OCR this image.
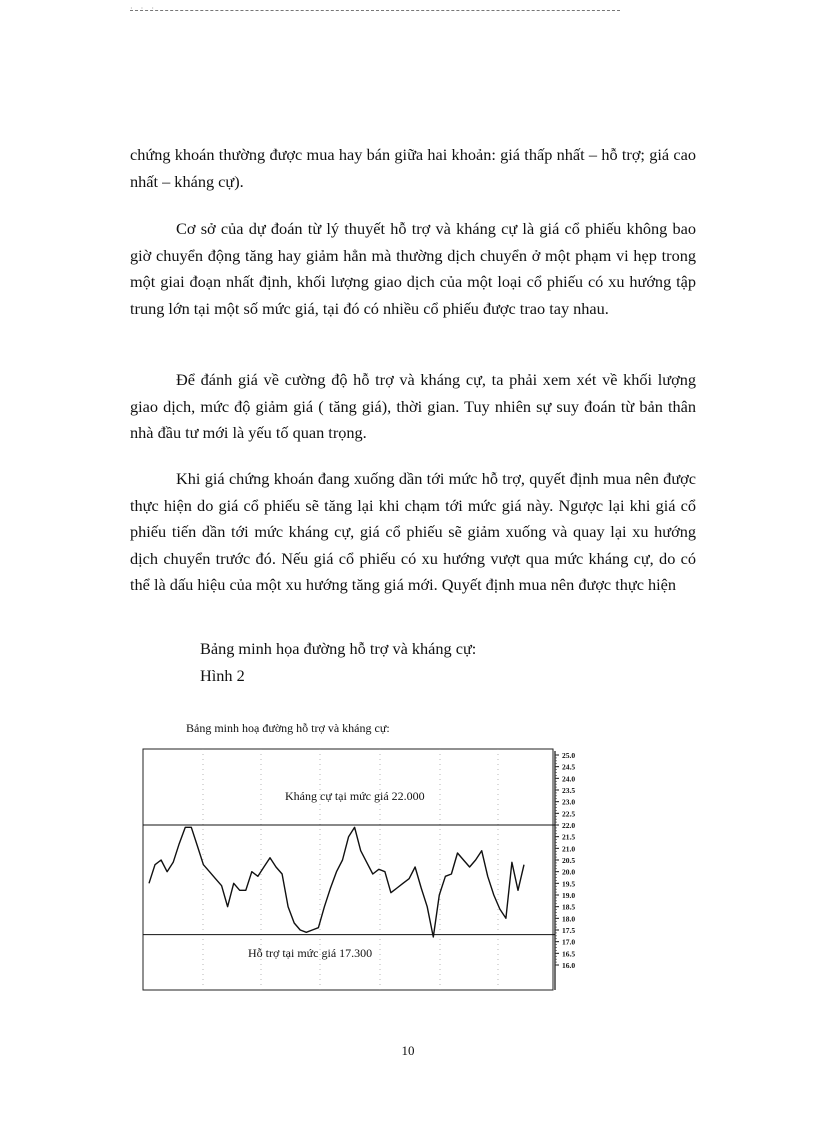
· · ·

chứng khoán thường được mua hay bán giữa hai khoản: giá thấp nhất – hỗ trợ; giá cao nhất – kháng cự).

Cơ sở của dự đoán từ lý thuyết hỗ trợ và kháng cự là giá cổ phiếu không bao giờ chuyển động tăng hay giảm hẳn mà thường dịch chuyển ở một phạm vi hẹp trong một giai đoạn nhất định, khối lượng giao dịch của một loại cổ phiếu có xu hướng tập trung lớn tại một số mức giá, tại đó có nhiều cổ phiếu được trao tay nhau.

Để đánh giá về cường độ hỗ trợ và kháng cự, ta phải xem xét về khối lượng giao dịch, mức độ giảm giá ( tăng giá), thời gian. Tuy nhiên sự suy đoán từ bản thân nhà đầu tư mới là yếu tố quan trọng.

Khi giá chứng khoán đang xuống dần tới mức hỗ trợ, quyết định mua nên được thực hiện do giá cổ phiếu sẽ tăng lại khi chạm tới mức giá này. Ngược lại khi giá cổ phiếu tiến dần tới mức kháng cự, giá cổ phiếu sẽ giảm xuống và quay lại xu hướng dịch chuyển trước đó. Nếu giá cổ phiếu có xu hướng vượt qua mức kháng cự, do có thể là dấu hiệu của một xu hướng tăng giá mới. Quyết định mua nên được thực hiện

Bảng minh họa đường hỗ trợ và kháng cự:

Hình 2

Bảng minh hoạ đường hỗ trợ và kháng cự:

25.0
24.5
24.0
23.5
23.0
22.5
22.0
21.5
21.0
20.5
20.0
19.5
19.0
18.5
18.0
17.5
17.0
16.5
16.0
Kháng cự tại mức giá 22.000
Hỗ trợ tại mức giá 17.300

10
